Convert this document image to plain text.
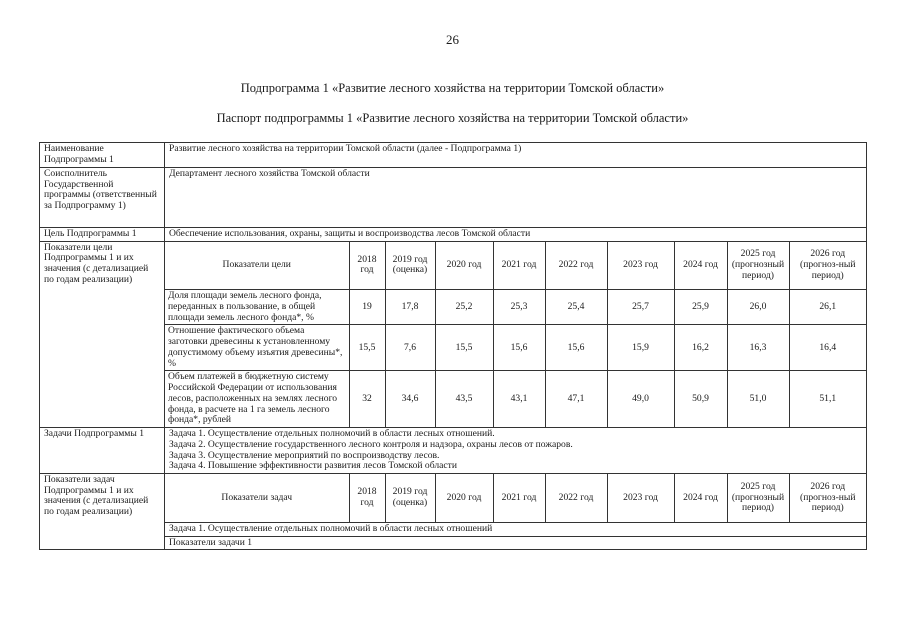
26
Подпрограмма 1 «Развитие лесного хозяйства на территории Томской области»
Паспорт подпрограммы 1 «Развитие лесного хозяйства на территории Томской области»
Наименование Подпрограммы 1	Развитие лесного хозяйства на территории Томской области (далее - Подпрограмма 1)
Соисполнитель Государственной программы (ответственный за Подпрограмму 1)	Департамент лесного хозяйства Томской области
Цель Подпрограммы 1	Обеспечение использования, охраны, защиты и воспроизводства лесов Томской области
Показатели цели Подпрограммы 1 и их значения (с детализацией по годам реализации)	
Показатели цели	2018 год	2019 год (оценка)	2020 год	2021 год	2022 год	2023 год	2024 год	2025 год (прогнозный период)	2026 год (прогноз-ный период)
Доля площади земель лесного фонда, переданных в пользование, в общей площади земель лесного фонда*, %	19	17,8	25,2	25,3	25,4	25,7	25,9	26,0	26,1
Отношение фактического объема заготовки древесины к установленному допустимому объему изъятия древесины*, %	15,5	7,6	15,5	15,6	15,6	15,9	16,2	16,3	16,4
Объем платежей в бюджетную систему Российской Федерации от использования лесов, расположенных на землях лесного фонда, в расчете на 1 га земель лесного фонда*, рублей	32	34,6	43,5	43,1	47,1	49,0	50,9	51,0	51,1

Задачи Подпрограммы 1	Задача 1. Осуществление отдельных полномочий в области лесных отношений.
Задача 2. Осуществление государственного лесного контроля и надзора, охраны лесов от пожаров.
Задача 3. Осуществление мероприятий по воспроизводству лесов.
Задача 4. Повышение эффективности развития лесов Томской области

Показатели задач Подпрограммы 1 и их значения (с детализацией по годам реализации)	
Показатели задач	2018 год	2019 год (оценка)	2020 год	2021 год	2022 год	2023 год	2024 год	2025 год (прогнозный период)	2026 год (прогноз-ный период)

Задача 1. Осуществление отдельных полномочий в области лесных отношений
Показатели задачи 1
